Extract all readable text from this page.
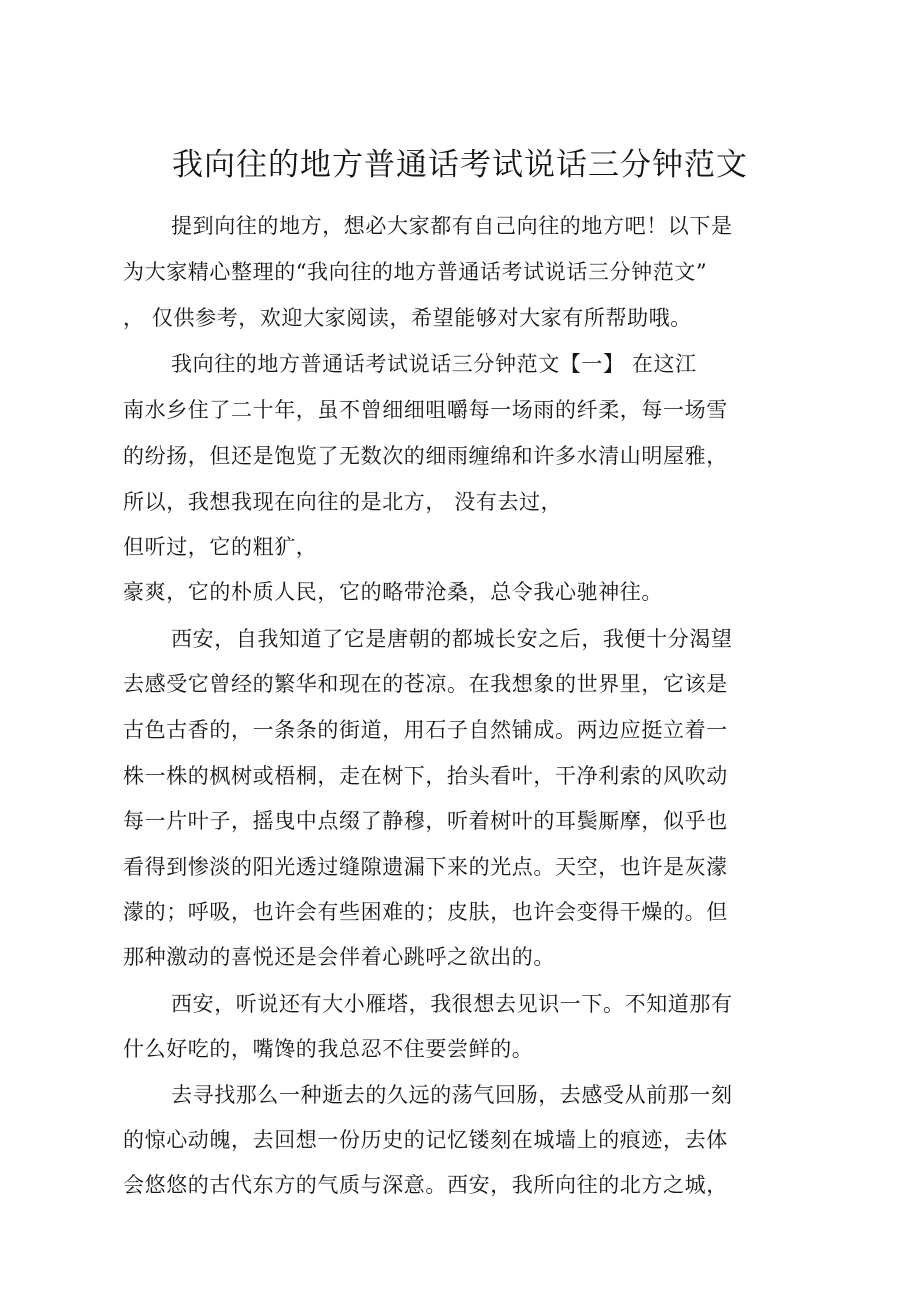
我向往的地方普通话考试说话三分钟范文
提到向往的地方，想必大家都有自己向往的地方吧！以下是
为大家精心整理的“我向往的地方普通话考试说话三分钟范文”
， 仅供参考，欢迎大家阅读，希望能够对大家有所帮助哦。
我向往的地方普通话考试说话三分钟范文【一】 在这江
南水乡住了二十年，虽不曾细细咀嚼每一场雨的纤柔，每一场雪
的纷扬，但还是饱览了无数次的细雨缠绵和许多水清山明屋雅，
所以，我想我现在向往的是北方， 没有去过，
但听过，它的粗犷，
豪爽，它的朴质人民，它的略带沧桑，总令我心驰神往。
西安，自我知道了它是唐朝的都城长安之后，我便十分渴望
去感受它曾经的繁华和现在的苍凉。在我想象的世界里，它该是
古色古香的，一条条的街道，用石子自然铺成。两边应挺立着一
株一株的枫树或梧桐，走在树下，抬头看叶，干净利索的风吹动
每一片叶子，摇曳中点缀了静穆，听着树叶的耳鬓厮摩，似乎也
看得到惨淡的阳光透过缝隙遗漏下来的光点。天空，也许是灰濛
濛的；呼吸，也许会有些困难的；皮肤，也许会变得干燥的。但
那种激动的喜悦还是会伴着心跳呼之欲出的。
西安，听说还有大小雁塔，我很想去见识一下。不知道那有
什么好吃的，嘴馋的我总忍不住要尝鲜的。
去寻找那么一种逝去的久远的荡气回肠，去感受从前那一刻
的惊心动魄，去回想一份历史的记忆镂刻在城墙上的痕迹，去体
会悠悠的古代东方的气质与深意。西安，我所向往的北方之城，
